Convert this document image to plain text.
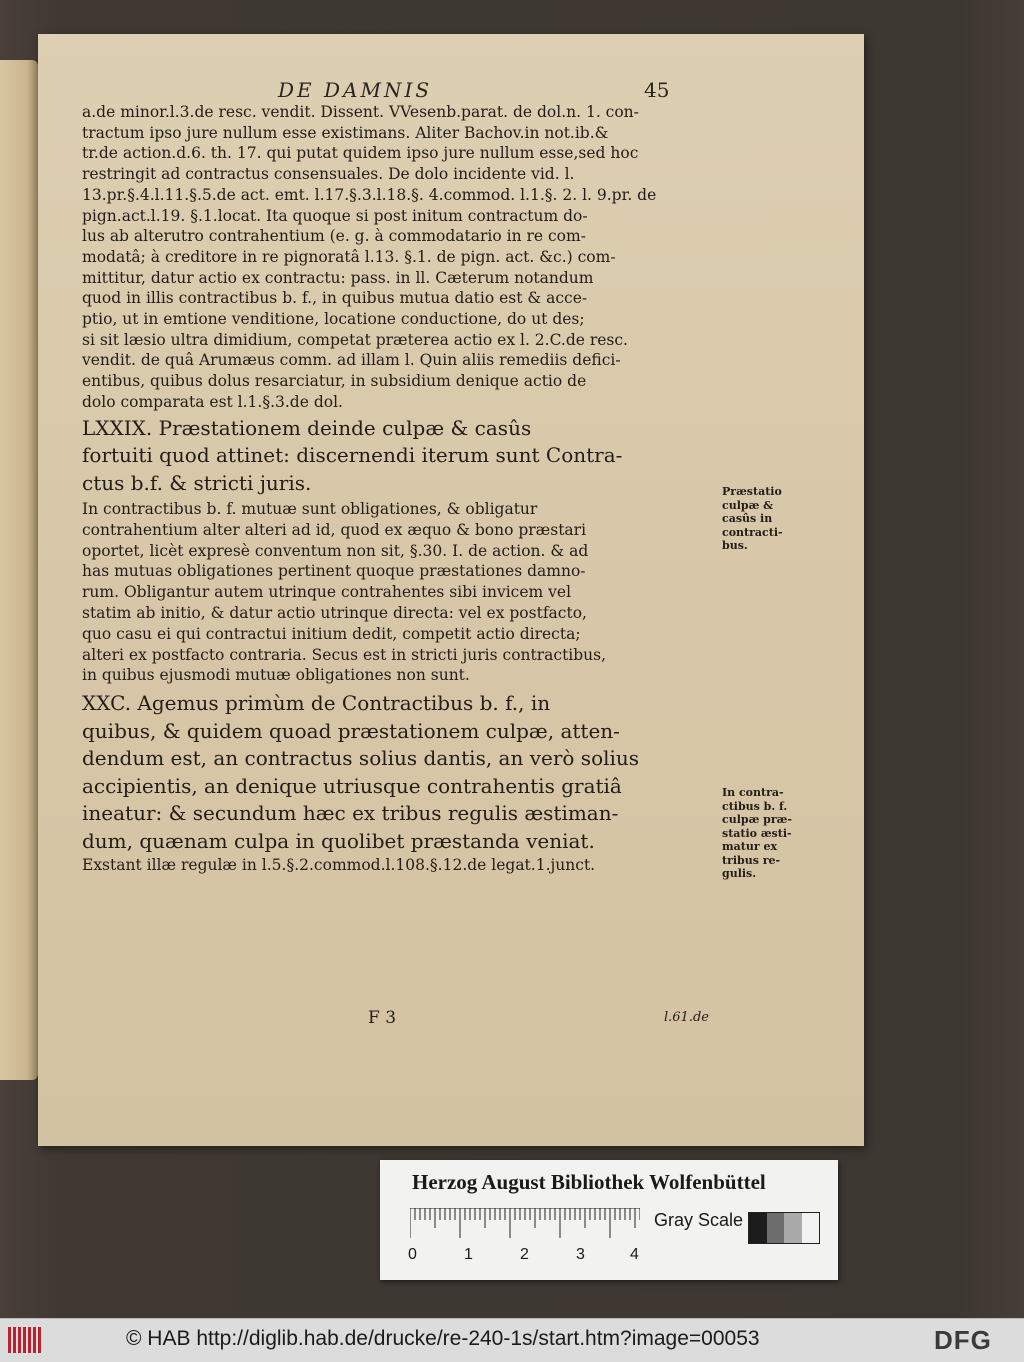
DE DAMNIS	45
a.de minor.l.3.de resc. vendit. Dissent. VVesenb.parat. de dol.n. 1. con-
tractum ipso jure nullum esse existimans. Aliter Bachov.in not.ib.&
tr.de action.d.6. th. 17. qui putat quidem ipso jure nullum esse,sed hoc
restringit ad contractus consensuales. De dolo incidente vid. l.
13.pr.§.4.l.11.§.5.de act. emt. l.17.§.3.l.18.§. 4.commod. l.1.§. 2. l. 9.pr. de
pign.act.l.19. §.1.locat. Ita quoque si post initum contractum do-
lus ab alterutro contrahentium (e. g. à commodatario in re com-
modatâ; à creditore in re pignoratâ l.13. §.1. de pign. act. &c.) com-
mittitur, datur actio ex contractu: pass. in ll. Cæterum notandum
quod in illis contractibus b. f., in quibus mutua datio est & acce-
ptio, ut in emtione venditione, locatione conductione, do ut des;
si sit læsio ultra dimidium, competat præterea actio ex l. 2.C.de resc.
vendit. de quâ Arumæus comm. ad illam l. Quin aliis remediis defici-
entibus, quibus dolus resarciatur, in subsidium denique actio de
dolo comparata est l.1.§.3.de dol.
LXXIX. Præstationem deinde culpæ & casûs
fortuiti quod attinet: discernendi iterum sunt Contra-
ctus b.f. & stricti juris.
In contractibus b. f. mutuæ sunt obligationes, & obligatur
contrahentium alter alteri ad id, quod ex æquo & bono præstari
oportet, licèt expresè conventum non sit, §.30. I. de action. & ad
has mutuas obligationes pertinent quoque præstationes damno-
rum. Obligantur autem utrinque contrahentes sibi invicem vel
statim ab initio, & datur actio utrinque directa: vel ex postfacto,
quo casu ei qui contractui initium dedit, competit actio directa;
alteri ex postfacto contraria. Secus est in stricti juris contractibus,
in quibus ejusmodi mutuæ obligationes non sunt.
XXC. Agemus primùm de Contractibus b. f., in
quibus, & quidem quoad præstationem culpæ, atten-
dendum est, an contractus solius dantis, an verò solius
accipientis, an denique utriusque contrahentis gratiâ
ineatur: & secundum hæc ex tribus regulis æstiman-
dum, quænam culpa in quolibet præstanda veniat.
Exstant illæ regulæ in l.5.§.2.commod.l.108.§.12.de legat.1.junct.
Præstatio
culpæ &
casûs in
contracti-
bus.
In contra-
ctibus b. f.
culpæ præ-
statio æsti-
matur ex
tribus re-
gulis.
F 3	l.61.de
Herzog August Bibliothek Wolfenbüttel
0	1	2	3	4
Gray Scale
© HAB http://diglib.hab.de/drucke/re-240-1s/start.htm?image=00053	DFG
